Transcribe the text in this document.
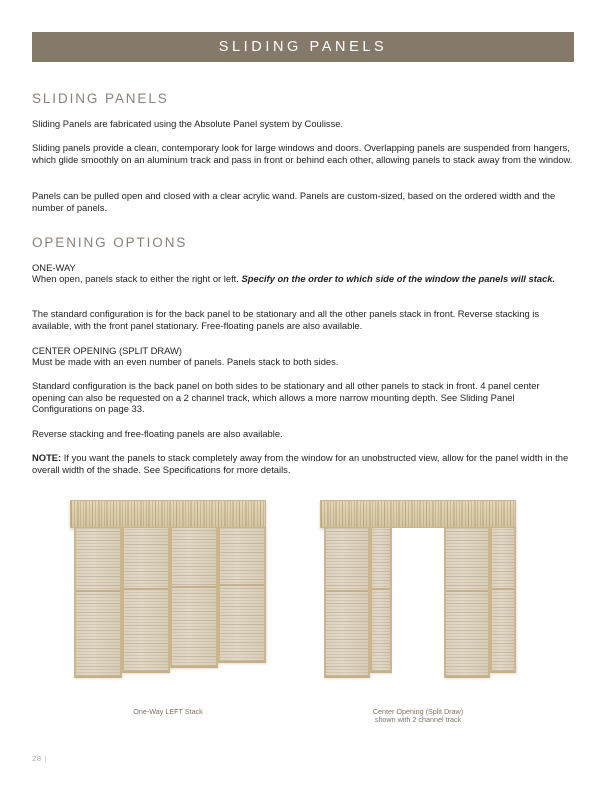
SLIDING PANELS
SLIDING PANELS
Sliding Panels are fabricated using the Absolute Panel system by Coulisse.
Sliding panels provide a clean, contemporary look for large windows and doors. Overlapping panels are suspended from hangers, which glide smoothly on an aluminum track and pass in front or behind each other, allowing panels to stack away from the window.
Panels can be pulled open and closed with a clear acrylic wand. Panels are custom-sized, based on the ordered width and the number of panels.
OPENING OPTIONS
ONE-WAY
When open, panels stack to either the right or left. Specify on the order to which side of the window the panels will stack.
The standard configuration is for the back panel to be stationary and all the other panels stack in front. Reverse stacking is available, with the front panel stationary. Free-floating panels are also available.
CENTER OPENING (SPLIT DRAW)
Must be made with an even number of panels. Panels stack to both sides.
Standard configuration is the back panel on both sides to be stationary and all other panels to stack in front. 4 panel center opening can also be requested on a 2 channel track, which allows a more narrow mounting depth. See Sliding Panel Configurations on page 33.
Reverse stacking and free-floating panels are also available.
NOTE: If you want the panels to stack completely away from the window for an unobstructed view, allow for the panel width in the overall width of the shade. See Specifications for more details.
One-Way LEFT Stack	Center Opening (Split Draw)
shown with 2 channel track
28 |
